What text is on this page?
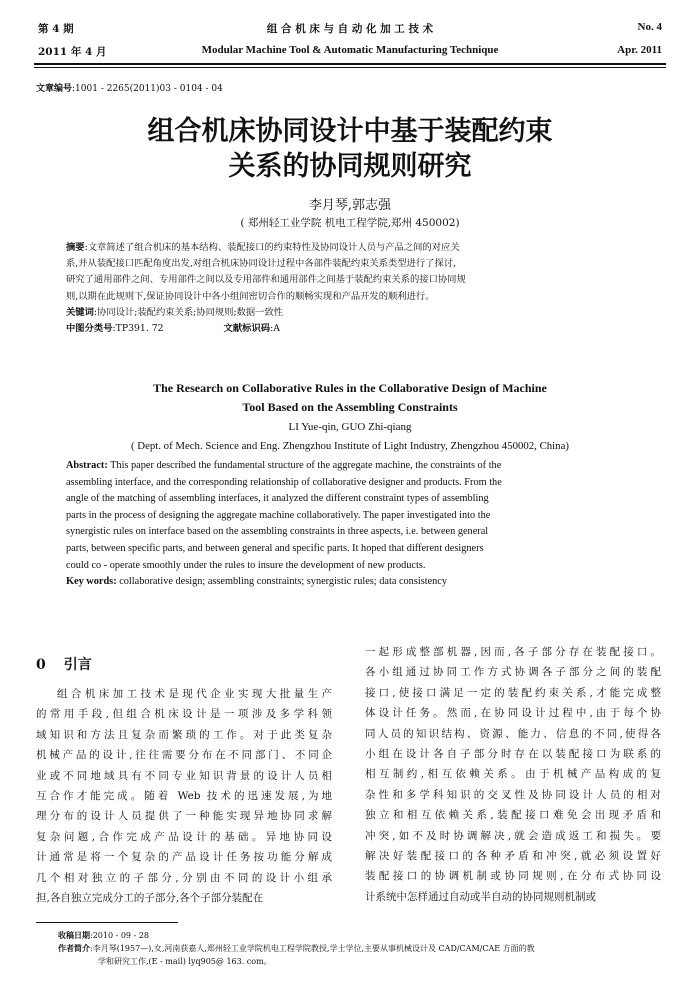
第 4 期
2011 年 4 月
组 合 机 床 与 自 动 化 加 工 技 术
Modular Machine Tool & Automatic Manufacturing Technique
No. 4
Apr. 2011
文章编号:1001 - 2265(2011)03 - 0104 - 04
组合机床协同设计中基于装配约束
关系的协同规则研究
李月琴,郭志强
( 郑州轻工业学院 机电工程学院,郑州 450002)
摘要:文章简述了组合机床的基本结构、装配接口的约束特性及协同设计人员与产品之间的对应关
系,并从装配接口匹配角度出发,对组合机床协同设计过程中各部件装配约束关系类型进行了探讨,
研究了通用部件之间、专用部件之间以及专用部件和通用部件之间基于装配约束关系的接口协同规
则,以期在此规则下,保证协同设计中各小组间密切合作的顺畅实现和产品开发的顺利进行。
关键词:协同设计;装配约束关系;协同规则;数据一致性
中图分类号:TP391. 72	文献标识码:A
The Research on Collaborative Rules in the Collaborative Design of Machine
Tool Based on the Assembling Constraints
LI Yue-qin, GUO Zhi-qiang
( Dept. of Mech. Science and Eng. Zhengzhou Institute of Light Industry, Zhengzhou 450002, China)
Abstract: This paper described the fundamental structure of the aggregate machine, the constraints of the
assembling interface, and the corresponding relationship of collaborative designer and products. From the
angle of the matching of assembling interfaces, it analyzed the different constraint types of assembling
parts in the process of designing the aggregate machine collaboratively. The paper investigated into the
synergistic rules on interface based on the assembling constraints in three aspects, i.e. between general
parts, between specific parts, and between general and specific parts. It hoped that different designers
could co - operate smoothly under the rules to insure the development of new products.
Key words: collaborative design; assembling constraints; synergistic rules; data consistency
0 引言
组合机床加工技术是现代企业实现大批量生产
的常用手段,但组合机床设计是一项涉及多学科领
域知识和方法且复杂而繁琐的工作。对于此类复杂
机械产品的设计,往往需要分布在不同部门、不同企
业或不同地域具有不同专业知识背景的设计人员相
互合作才能完成。随着 Web 技术的迅速发展,为地
理分布的设计人员提供了一种能实现异地协同求解
复杂问题,合作完成产品设计的基础。异地协同设
计通常是将一个复杂的产品设计任务按功能分解成
几个相对独立的子部分,分别由不同的设计小组承
担,各自独立完成分工的子部分,各个子部分装配在
一起形成整部机器,因而,各子部分存在装配接口。
各小组通过协同工作方式协调各子部分之间的装配
接口,使接口满足一定的装配约束关系,才能完成整
体设计任务。然而,在协同设计过程中,由于每个协
同人员的知识结构、资源、能力、信息的不同,使得各
小组在设计各自子部分时存在以装配接口为联系的
相互制约,相互依赖关系。由于机械产品构成的复
杂性和多学科知识的交叉性及协同设计人员的相对
独立和相互依赖关系,装配接口难免会出现矛盾和
冲突,如不及时协调解决,就会造成返工和损失。要
解决好装配接口的各种矛盾和冲突,就必须设置好
装配接口的协调机制或协同规则,在分布式协同设
计系统中怎样通过自动或半自动的协同规则机制或
收稿日期:2010 - 09 - 28
作者简介:李月琴(1957—),女,河南获嘉人,郑州轻工业学院机电工程学院教授,学士学位,主要从事机械设计及 CAD/CAM/CAE 方面的教
学和研究工作,(E - mail) lyq905@ 163. com。
